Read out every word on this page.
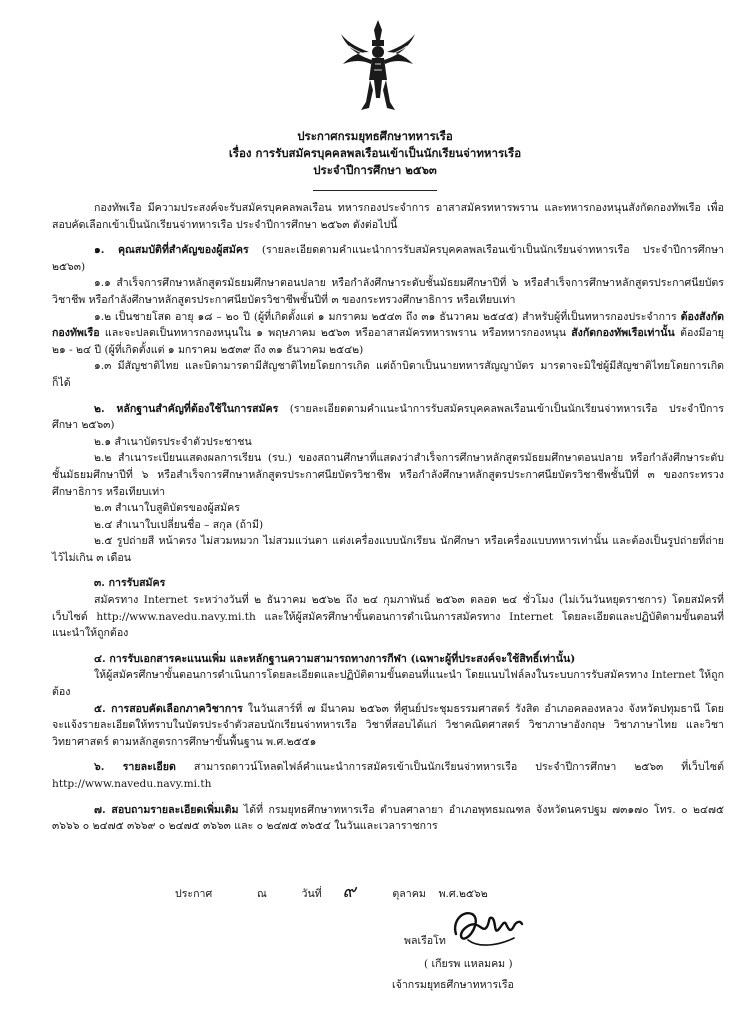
ประกาศกรมยุทธศึกษาทหารเรือ
เรื่อง การรับสมัครบุคคลพลเรือนเข้าเป็นนักเรียนจ่าทหารเรือ
ประจำปีการศึกษา ๒๕๖๓

กองทัพเรือ มีความประสงค์จะรับสมัครบุคคลพลเรือน ทหารกองประจำการ อาสาสมัครทหารพราน และทหารกองหนุนสังกัดกองทัพเรือ เพื่อสอบคัดเลือกเข้าเป็นนักเรียนจ่าทหารเรือ ประจำปีการศึกษา ๒๕๖๓ ดังต่อไปนี้

๑. คุณสมบัติที่สำคัญของผู้สมัคร (รายละเอียดตามคำแนะนำการรับสมัครบุคคลพลเรือนเข้าเป็นนักเรียนจ่าทหารเรือ ประจำปีการศึกษา ๒๕๖๓)

๑.๑ สำเร็จการศึกษาหลักสูตรมัธยมศึกษาตอนปลาย หรือกำลังศึกษาระดับชั้นมัธยมศึกษาปีที่ ๖ หรือสำเร็จการศึกษาหลักสูตรประกาศนียบัตรวิชาชีพ หรือกำลังศึกษาหลักสูตรประกาศนียบัตรวิชาชีพชั้นปีที่ ๓ ของกระทรวงศึกษาธิการ หรือเทียบเท่า

๑.๒ เป็นชายโสด อายุ ๑๘ – ๒๐ ปี (ผู้ที่เกิดตั้งแต่ ๑ มกราคม ๒๕๔๓ ถึง ๓๑ ธันวาคม ๒๕๔๕) สำหรับผู้ที่เป็นทหารกองประจำการ ต้องสังกัดกองทัพเรือ และจะปลดเป็นทหารกองหนุนใน ๑ พฤษภาคม ๒๕๖๓ หรืออาสาสมัครทหารพราน หรือทหารกองหนุน สังกัดกองทัพเรือเท่านั้น ต้องมีอายุ ๒๑ - ๒๔ ปี (ผู้ที่เกิดตั้งแต่ ๑ มกราคม ๒๕๓๙ ถึง ๓๑ ธันวาคม ๒๕๔๒)

๑.๓ มีสัญชาติไทย และบิดามารดามีสัญชาติไทยโดยการเกิด แต่ถ้าบิดาเป็นนายทหารสัญญาบัตร มารดาจะมิใช่ผู้มีสัญชาติไทยโดยการเกิดก็ได้

๒. หลักฐานสำคัญที่ต้องใช้ในการสมัคร (รายละเอียดตามคำแนะนำการรับสมัครบุคคลพลเรือนเข้าเป็นนักเรียนจ่าทหารเรือ ประจำปีการศึกษา ๒๕๖๓)

๒.๑ สำเนาบัตรประจำตัวประชาชน

๒.๒ สำเนาระเบียนแสดงผลการเรียน (รบ.) ของสถานศึกษาที่แสดงว่าสำเร็จการศึกษาหลักสูตรมัธยมศึกษาตอนปลาย หรือกำลังศึกษาระดับชั้นมัธยมศึกษาปีที่ ๖ หรือสำเร็จการศึกษาหลักสูตรประกาศนียบัตรวิชาชีพ หรือกำลังศึกษาหลักสูตรประกาศนียบัตรวิชาชีพชั้นปีที่ ๓ ของกระทรวงศึกษาธิการ หรือเทียบเท่า

๒.๓ สำเนาใบสูติบัตรของผู้สมัคร

๒.๔ สำเนาใบเปลี่ยนชื่อ – สกุล (ถ้ามี)

๒.๕ รูปถ่ายสี หน้าตรง ไม่สวมหมวก ไม่สวมแว่นตา แต่งเครื่องแบบนักเรียน นักศึกษา หรือเครื่องแบบทหารเท่านั้น และต้องเป็นรูปถ่ายที่ถ่ายไว้ไม่เกิน ๓ เดือน

๓. การรับสมัคร

สมัครทาง Internet ระหว่างวันที่ ๒ ธันวาคม ๒๕๖๒ ถึง ๒๔ กุมภาพันธ์ ๒๕๖๓ ตลอด ๒๔ ชั่วโมง (ไม่เว้นวันหยุดราชการ) โดยสมัครที่เว็บไซต์ http://www.navedu.navy.mi.th และให้ผู้สมัครศึกษาขั้นตอนการดำเนินการสมัครทาง Internet โดยละเอียดและปฏิบัติตามขั้นตอนที่แนะนำให้ถูกต้อง

๔. การรับเอกสารคะแนนเพิ่ม และหลักฐานความสามารถทางการกีฬา (เฉพาะผู้ที่ประสงค์จะใช้สิทธิ์เท่านั้น)

ให้ผู้สมัครศึกษาขั้นตอนการดำเนินการโดยละเอียดและปฏิบัติตามขั้นตอนที่แนะนำ โดยแนบไฟล์ลงในระบบการรับสมัครทาง Internet ให้ถูกต้อง

๕. การสอบคัดเลือกภาควิชาการ ในวันเสาร์ที่ ๗ มีนาคม ๒๕๖๓ ที่ศูนย์ประชุมธรรมศาสตร์ รังสิต อำเภอคลองหลวง จังหวัดปทุมธานี โดยจะแจ้งรายละเอียดให้ทราบในบัตรประจำตัวสอบนักเรียนจ่าทหารเรือ วิชาที่สอบได้แก่ วิชาคณิตศาสตร์ วิชาภาษาอังกฤษ วิชาภาษาไทย และวิชาวิทยาศาสตร์ ตามหลักสูตรการศึกษาขั้นพื้นฐาน พ.ศ.๒๕๕๑

๖. รายละเอียด สามารถดาวน์โหลดไฟล์คำแนะนำการสมัครเข้าเป็นนักเรียนจ่าทหารเรือ ประจำปีการศึกษา ๒๕๖๓ ที่เว็บไซต์ http://www.navedu.navy.mi.th

๗. สอบถามรายละเอียดเพิ่มเติม ได้ที่ กรมยุทธศึกษาทหารเรือ ตำบลศาลายา อำเภอพุทธมณฑล จังหวัดนครปฐม ๗๓๑๗๐ โทร. ๐ ๒๔๗๕ ๓๖๖๖ ๐ ๒๔๗๕ ๓๖๖๙ ๐ ๒๔๗๕ ๓๖๖๓ และ ๐ ๒๔๗๕ ๓๖๕๔ ในวันและเวลาราชการ

ประกาศ	ณ	วันที่ ๙	ตุลาคม พ.ศ.๒๕๖๒
พลเรือโท
( เกียรพ แหลมคม )
เจ้ากรมยุทธศึกษาทหารเรือ
